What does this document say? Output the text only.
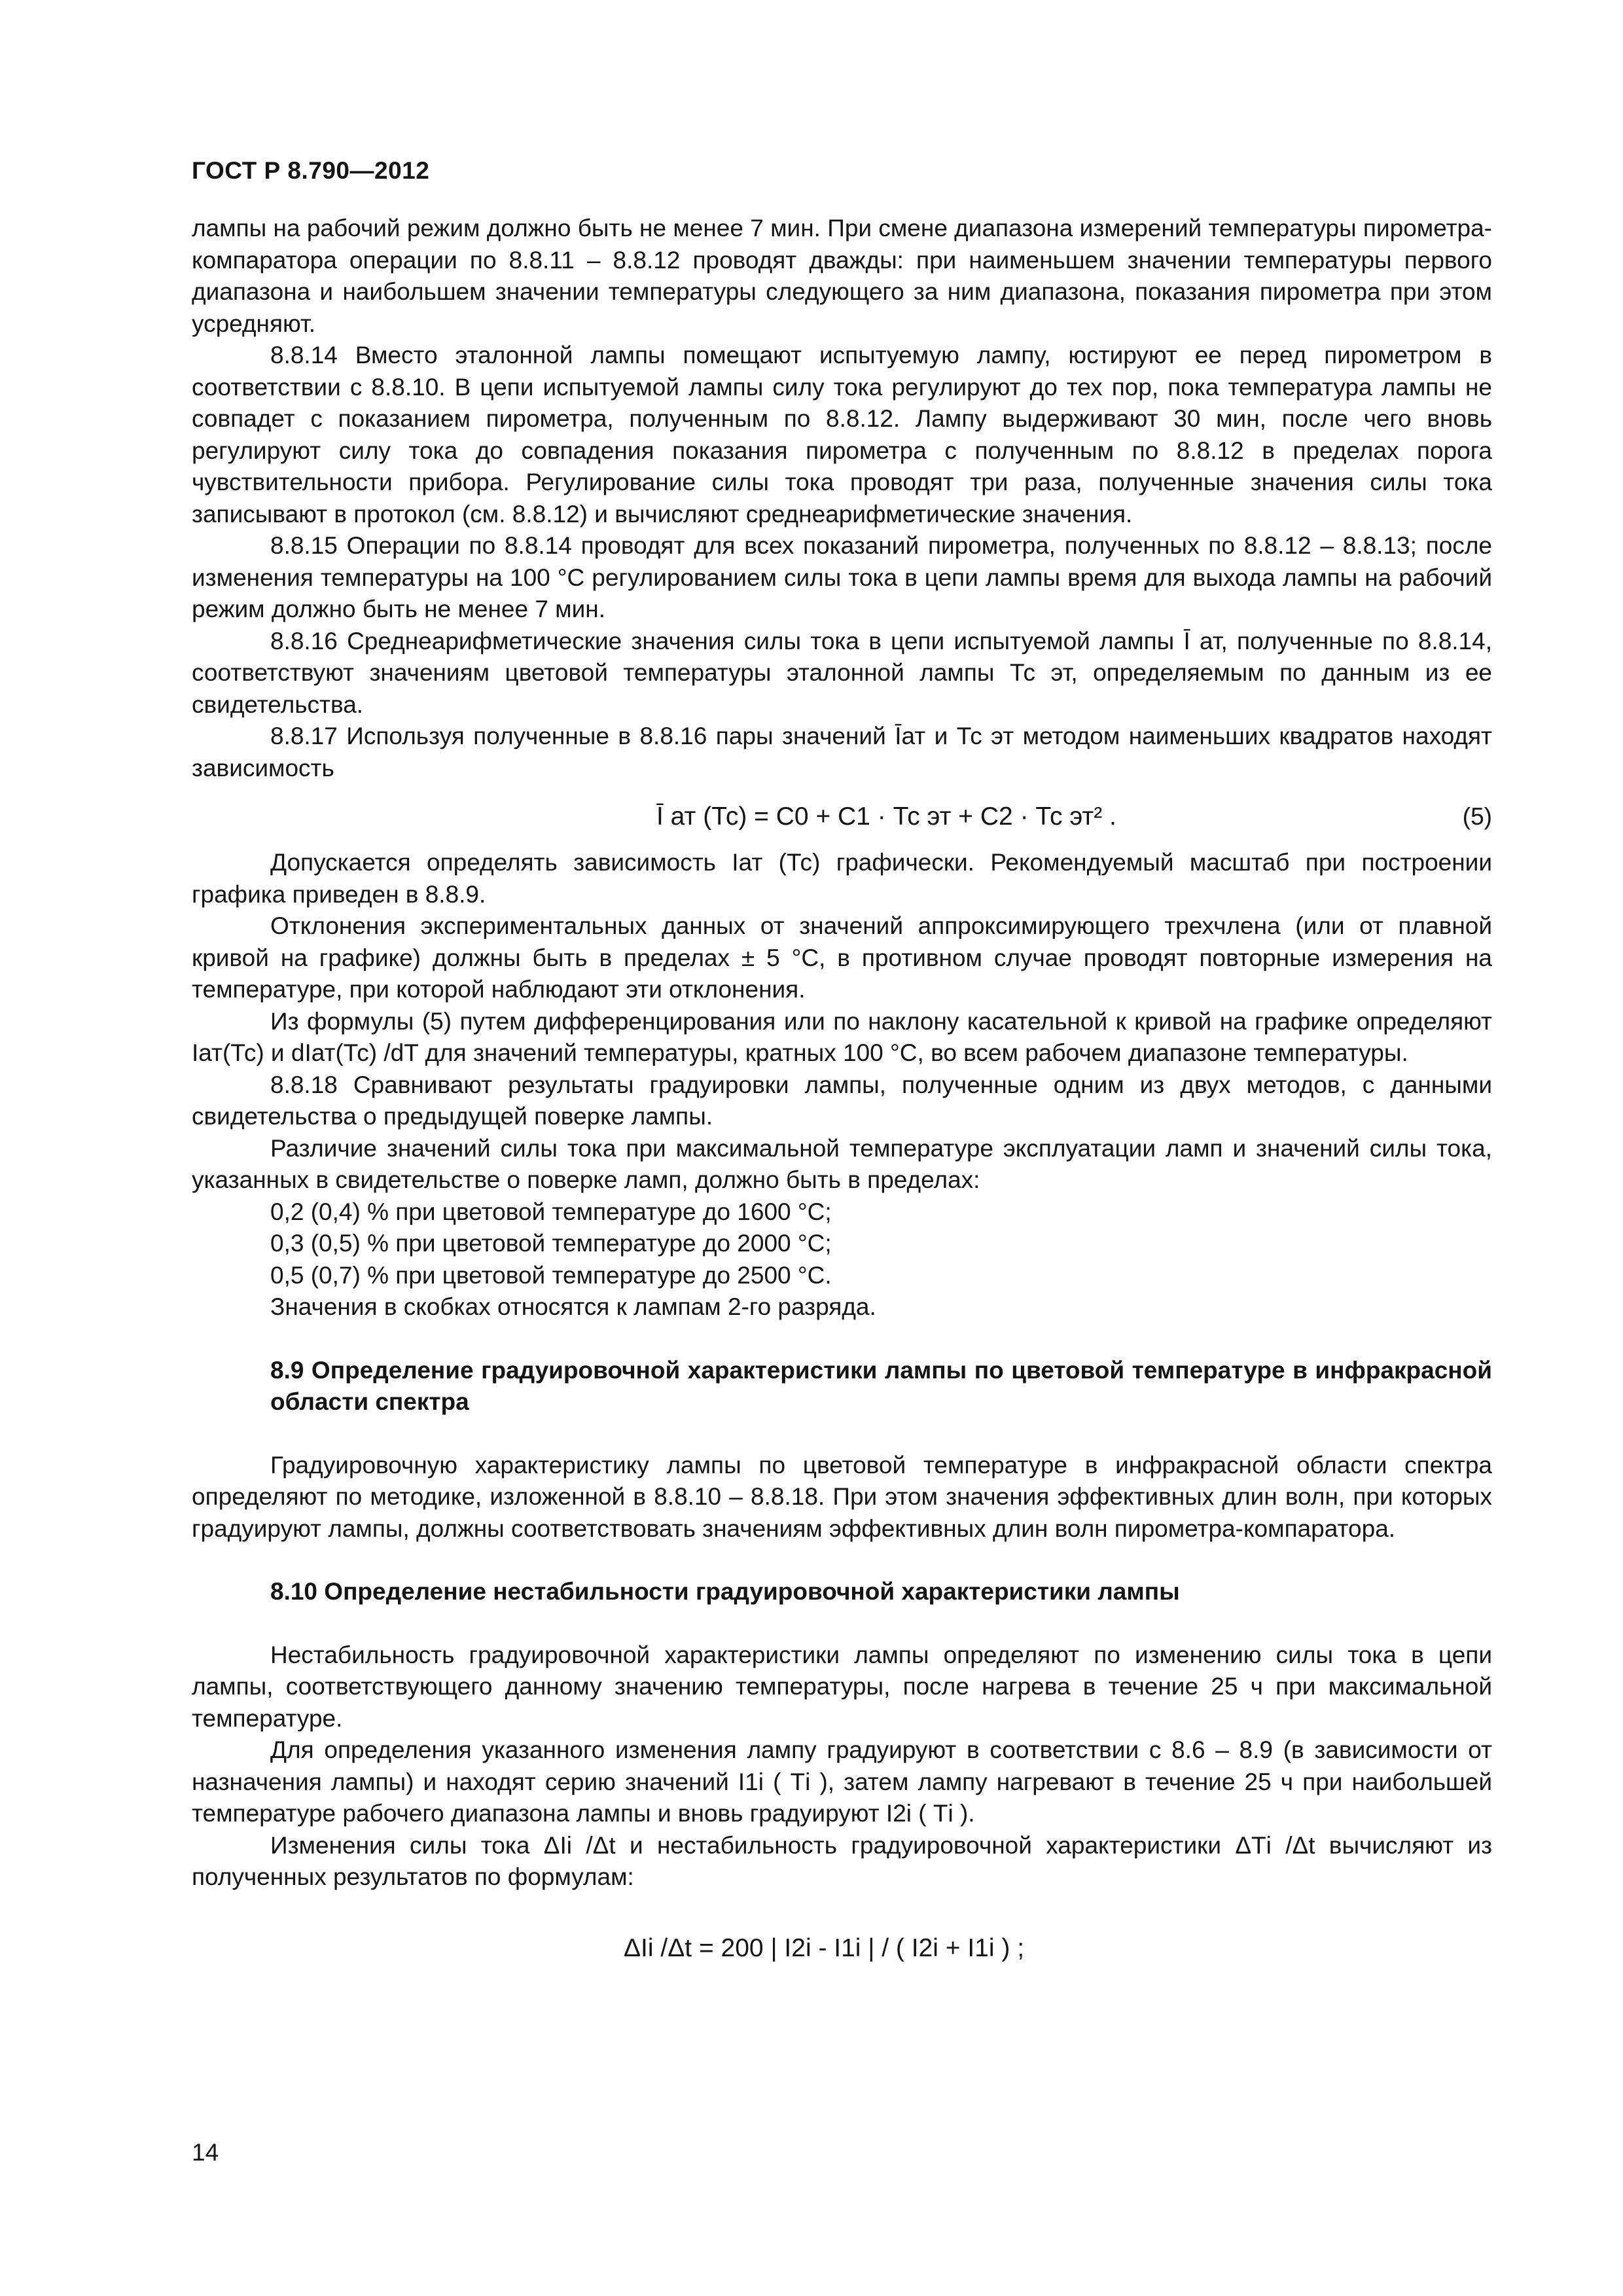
ГОСТ Р 8.790—2012

лампы на рабочий режим должно быть не менее 7 мин. При смене диапазона измерений температуры пирометра-компаратора операции по 8.8.11 – 8.8.12 проводят дважды: при наименьшем значении температуры первого диапазона и наибольшем значении температуры следующего за ним диапазона, показания пирометра при этом усредняют.

8.8.14 Вместо эталонной лампы помещают испытуемую лампу, юстируют ее перед пирометром в соответствии с 8.8.10. В цепи испытуемой лампы силу тока регулируют до тех пор, пока температура лампы не совпадет с показанием пирометра, полученным по 8.8.12. Лампу выдерживают 30 мин, после чего вновь регулируют силу тока до совпадения показания пирометра с полученным по 8.8.12 в пределах порога чувствительности прибора. Регулирование силы тока проводят три раза, полученные значения силы тока записывают в протокол (см. 8.8.12) и вычисляют среднеарифметические значения.

8.8.15 Операции по 8.8.14 проводят для всех показаний пирометра, полученных по 8.8.12 – 8.8.13; после изменения температуры на 100 °С регулированием силы тока в цепи лампы время для выхода лампы на рабочий режим должно быть не менее 7 мин.

8.8.16 Среднеарифметические значения силы тока в цепи испытуемой лампы Ī ат, полученные по 8.8.14, соответствуют значениям цветовой температуры эталонной лампы Тс эт, определяемым по данным из ее свидетельства.

8.8.17 Используя полученные в 8.8.16 пары значений Īат и Тс эт методом наименьших квадратов находят зависимость

Ī ат (Тс) = С0 + С1 · Тс эт + С2 · Тс эт² .	(5)

Допускается определять зависимость Iат (Тс) графически. Рекомендуемый масштаб при построении графика приведен в 8.8.9.

Отклонения экспериментальных данных от значений аппроксимирующего трехчлена (или от плавной кривой на графике) должны быть в пределах ± 5 °С, в противном случае проводят повторные измерения на температуре, при которой наблюдают эти отклонения.

Из формулы (5) путем дифференцирования или по наклону касательной к кривой на графике определяют Iат(Тс) и dIат(Тс) /dT для значений температуры, кратных 100 °С, во всем рабочем диапазоне температуры.

8.8.18 Сравнивают результаты градуировки лампы, полученные одним из двух методов, с данными свидетельства о предыдущей поверке лампы.

Различие значений силы тока при максимальной температуре эксплуатации ламп и значений силы тока, указанных в свидетельстве о поверке ламп, должно быть в пределах:

0,2 (0,4) % при цветовой температуре до 1600 °С;

0,3 (0,5) % при цветовой температуре до 2000 °С;

0,5 (0,7) % при цветовой температуре до 2500 °С.

Значения в скобках относятся к лампам 2-го разряда.

8.9 Определение градуировочной характеристики лампы по цветовой температуре в инфракрасной области спектра

Градуировочную характеристику лампы по цветовой температуре в инфракрасной области спектра определяют по методике, изложенной в 8.8.10 – 8.8.18. При этом значения эффективных длин волн, при которых градуируют лампы, должны соответствовать значениям эффективных длин волн пирометра-компаратора.

8.10 Определение нестабильности градуировочной характеристики лампы

Нестабильность градуировочной характеристики лампы определяют по изменению силы тока в цепи лампы, соответствующего данному значению температуры, после нагрева в течение 25 ч при максимальной температуре.

Для определения указанного изменения лампу градуируют в соответствии с 8.6 – 8.9 (в зависимости от назначения лампы) и находят серию значений I1i ( Тi ), затем лампу нагревают в течение 25 ч при наибольшей температуре рабочего диапазона лампы и вновь градуируют I2i ( Тi ).

Изменения силы тока ΔIi /Δt и нестабильность градуировочной характеристики ΔТi /Δt вычисляют из полученных результатов по формулам:

ΔIi /Δt = 200 | I2i - I1i | / ( I2i + I1i ) ;
14
